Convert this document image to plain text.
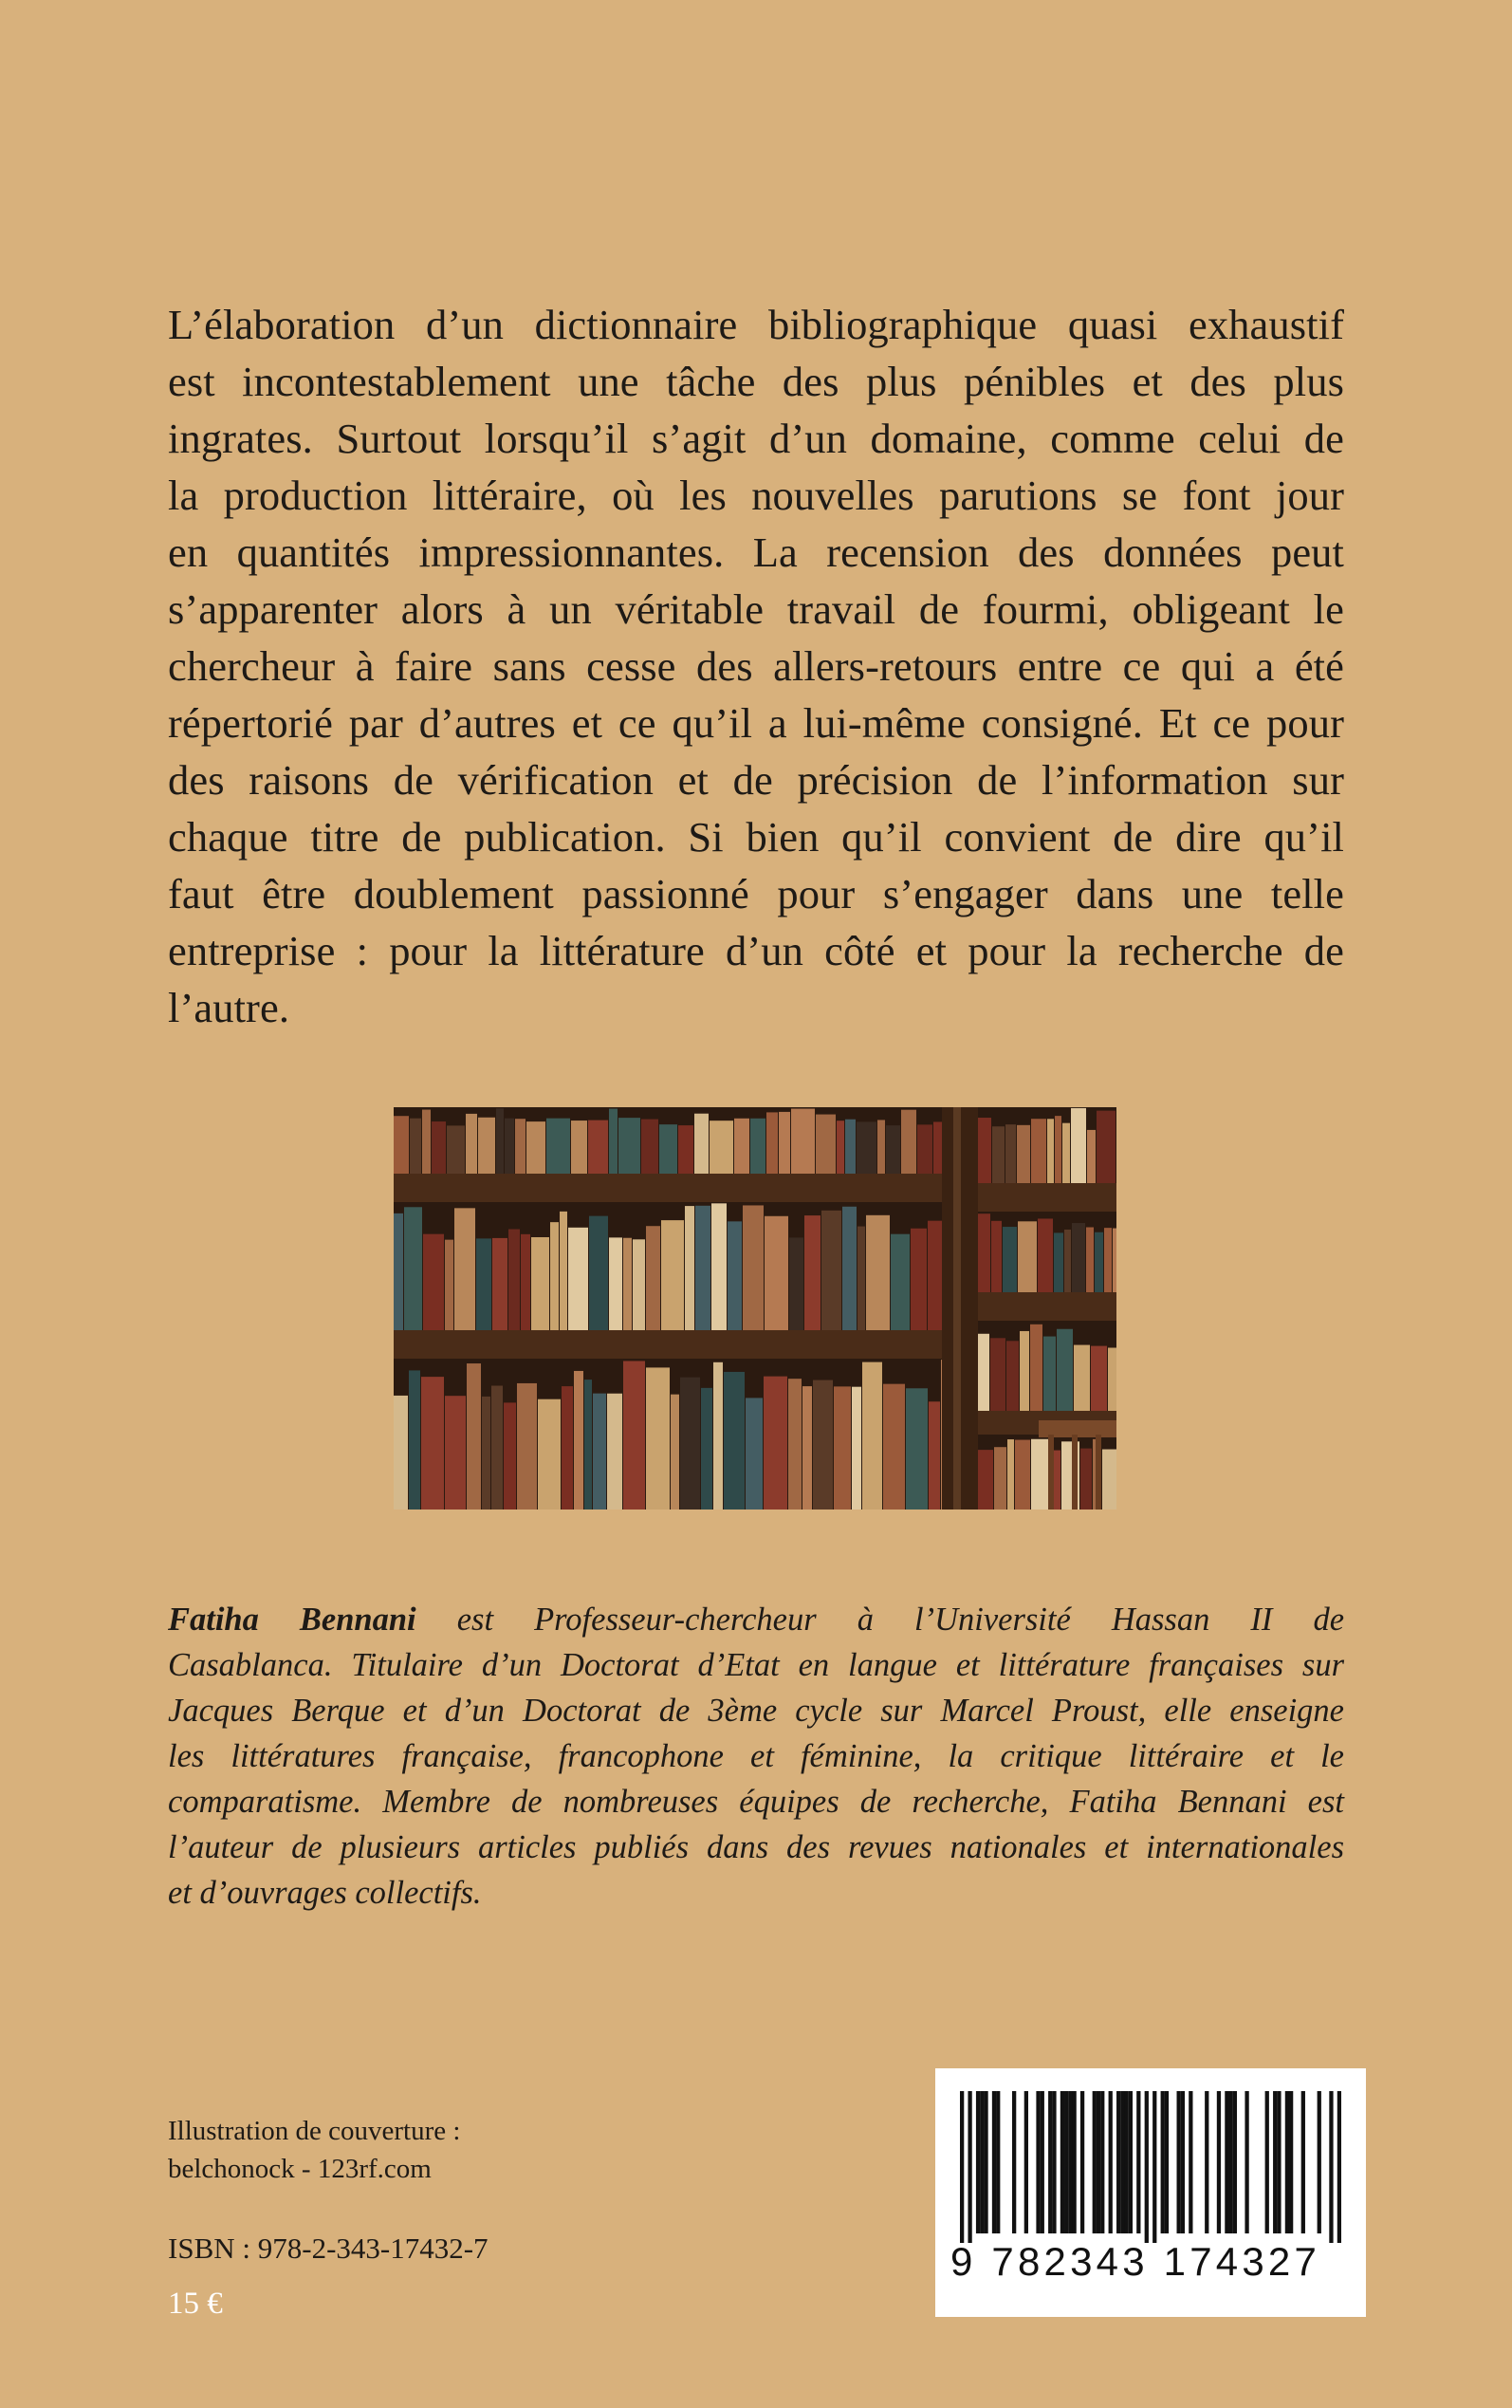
L’élaboration d’un dictionnaire bibliographique quasi exhaustif
est incontestablement une tâche des plus pénibles et des plus
ingrates. Surtout lorsqu’il s’agit d’un domaine, comme celui de
la production littéraire, où les nouvelles parutions se font jour
en quantités impressionnantes. La recension des données peut
s’apparenter alors à un véritable travail de fourmi, obligeant le
chercheur à faire sans cesse des allers-retours entre ce qui a été
répertorié par d’autres et ce qu’il a lui-même consigné. Et ce pour
des raisons de vérification et de précision de l’information sur
chaque titre de publication. Si bien qu’il convient de dire qu’il
faut être doublement passionné pour s’engager dans une telle
entreprise : pour la littérature d’un côté et pour la recherche de
l’autre.
Fatiha Bennani est Professeur-chercheur à l’Université Hassan II de
Casablanca. Titulaire d’un Doctorat d’Etat en langue et littérature françaises sur
Jacques Berque et d’un Doctorat de 3ème cycle sur Marcel Proust, elle enseigne
les littératures française, francophone et féminine, la critique littéraire et le
comparatisme. Membre de nombreuses équipes de recherche, Fatiha Bennani est
l’auteur de plusieurs articles publiés dans des revues nationales et internationales
et d’ouvrages collectifs.
Illustration de couverture :
belchonock - 123rf.com
ISBN : 978-2-343-17432-7
15 €
9 782343 174327
